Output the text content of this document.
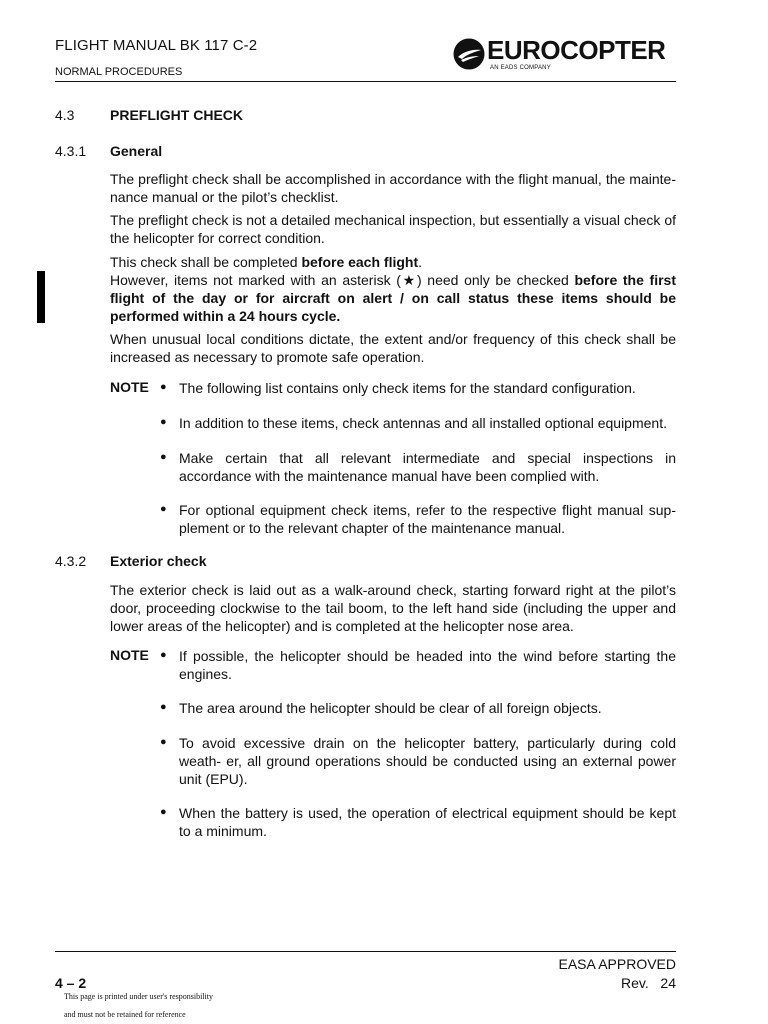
FLIGHT MANUAL BK 117 C-2
NORMAL PROCEDURES
EUROCOPTER
AN EADS COMPANY
4.3	PREFLIGHT CHECK
4.3.1 General
The preflight check shall be accomplished in accordance with the flight manual, the mainte- nance manual or the pilot’s checklist.
The preflight check is not a detailed mechanical inspection, but essentially a visual check of the helicopter for correct condition.
This check shall be completed before each flight.
However, items not marked with an asterisk (★) need only be checked before the first flight of the day or for aircraft on alert / on call status these items should be performed within a 24 hours cycle.
When unusual local conditions dictate, the extent and/or frequency of this check shall be increased as necessary to promote safe operation.
NOTE ● The following list contains only check items for the standard configuration.
● In addition to these items, check antennas and all installed optional equipment.
● Make certain that all relevant intermediate and special inspections in accordance with the maintenance manual have been complied with.
● For optional equipment check items, refer to the respective flight manual sup- plement or to the relevant chapter of the maintenance manual.
4.3.2 Exterior check
The exterior check is laid out as a walk-around check, starting forward right at the pilot’s door, proceeding clockwise to the tail boom, to the left hand side (including the upper and lower areas of the helicopter) and is completed at the helicopter nose area.
NOTE ● If possible, the helicopter should be headed into the wind before starting the engines.
● The area around the helicopter should be clear of all foreign objects.
● To avoid excessive drain on the helicopter battery, particularly during cold weath- er, all ground operations should be conducted using an external power unit (EPU).
● When the battery is used, the operation of electrical equipment should be kept to a minimum.
EASA APPROVED
4 – 2	Rev.   24
This page is printed under user's responsibility
and must not be retained for reference
